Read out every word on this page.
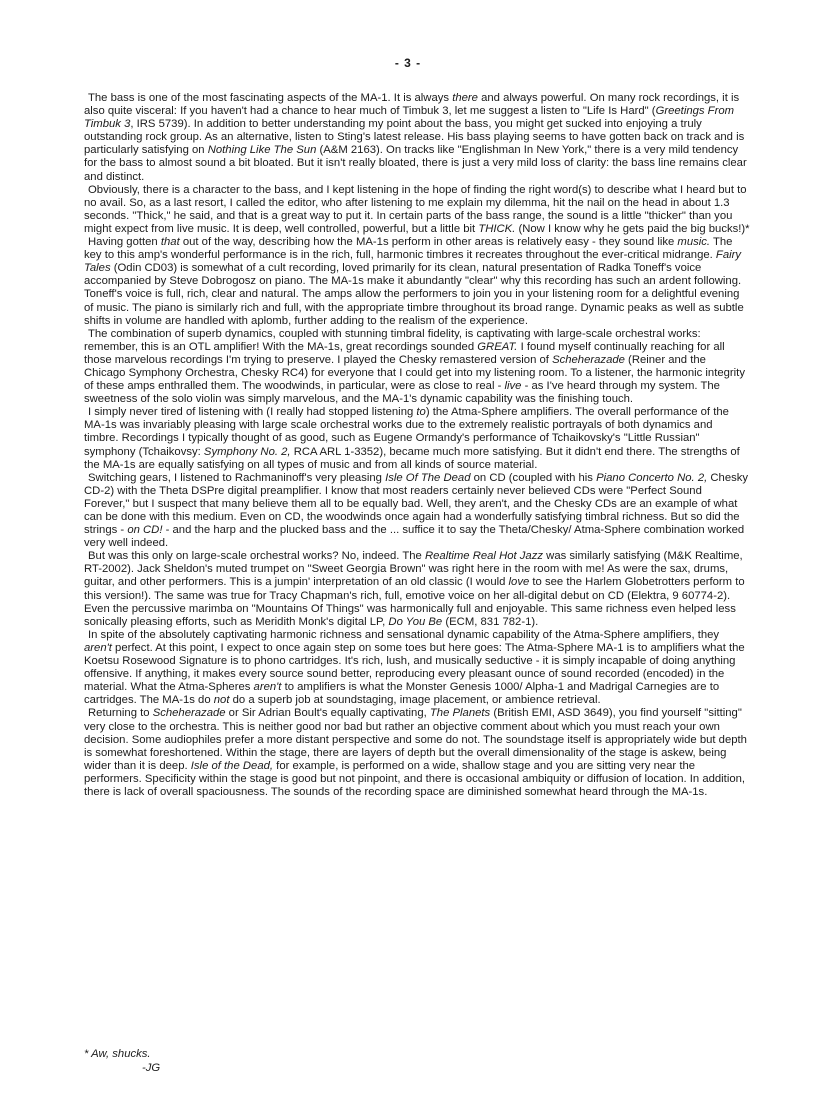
- 3 -

The bass is one of the most fascinating aspects of the MA-1. It is always there and always powerful. On many rock recordings, it is also quite visceral: If you haven't had a chance to hear much of Timbuk 3, let me suggest a listen to "Life Is Hard" (Greetings From Timbuk 3, IRS 5739). In addition to better understanding my point about the bass, you might get sucked into enjoying a truly outstanding rock group. As an alternative, listen to Sting's latest release. His bass playing seems to have gotten back on track and is particularly satisfying on Nothing Like The Sun (A&M 2163). On tracks like "Englishman In New York," there is a very mild tendency for the bass to almost sound a bit bloated. But it isn't really bloated, there is just a very mild loss of clarity: the bass line remains clear and distinct.

Obviously, there is a character to the bass, and I kept listening in the hope of finding the right word(s) to describe what I heard but to no avail. So, as a last resort, I called the editor, who after listening to me explain my dilemma, hit the nail on the head in about 1.3 seconds. "Thick," he said, and that is a great way to put it. In certain parts of the bass range, the sound is a little "thicker" than you might expect from live music. It is deep, well controlled, powerful, but a little bit THICK. (Now I know why he gets paid the big bucks!)*

Having gotten that out of the way, describing how the MA-1s perform in other areas is relatively easy - they sound like music. The key to this amp's wonderful performance is in the rich, full, harmonic timbres it recreates throughout the ever-critical midrange. Fairy Tales (Odin CD03) is somewhat of a cult recording, loved primarily for its clean, natural presentation of Radka Toneff's voice accompanied by Steve Dobrogosz on piano. The MA-1s make it abundantly "clear" why this recording has such an ardent following. Toneff's voice is full, rich, clear and natural. The amps allow the performers to join you in your listening room for a delightful evening of music. The piano is similarly rich and full, with the appropriate timbre throughout its broad range. Dynamic peaks as well as subtle shifts in volume are handled with aplomb, further adding to the realism of the experience.

The combination of superb dynamics, coupled with stunning timbral fidelity, is captivating with large-scale orchestral works: remember, this is an OTL amplifier! With the MA-1s, great recordings sounded GREAT. I found myself continually reaching for all those marvelous recordings I'm trying to preserve. I played the Chesky remastered version of Scheherazade (Reiner and the Chicago Symphony Orchestra, Chesky RC4) for everyone that I could get into my listening room. To a listener, the harmonic integrity of these amps enthralled them. The woodwinds, in particular, were as close to real - live - as I've heard through my system. The sweetness of the solo violin was simply marvelous, and the MA-1's dynamic capability was the finishing touch.

I simply never tired of listening with (I really had stopped listening to) the Atma-Sphere amplifiers. The overall performance of the MA-1s was invariably pleasing with large scale orchestral works due to the extremely realistic portrayals of both dynamics and timbre. Recordings I typically thought of as good, such as Eugene Ormandy's performance of Tchaikovsky's "Little Russian" symphony (Tchaikovsy: Symphony No. 2, RCA ARL 1-3352), became much more satisfying. But it didn't end there. The strengths of the MA-1s are equally satisfying on all types of music and from all kinds of source material.

Switching gears, I listened to Rachmaninoff's very pleasing Isle Of The Dead on CD (coupled with his Piano Concerto No. 2, Chesky CD-2) with the Theta DSPre digital preamplifier. I know that most readers certainly never believed CDs were "Perfect Sound Forever," but I suspect that many believe them all to be equally bad. Well, they aren't, and the Chesky CDs are an example of what can be done with this medium. Even on CD, the woodwinds once again had a wonderfully satisfying timbral richness. But so did the strings - on CD! - and the harp and the plucked bass and the ... suffice it to say the Theta/Chesky/ Atma-Sphere combination worked very well indeed.

But was this only on large-scale orchestral works? No, indeed. The Realtime Real Hot Jazz was similarly satisfying (M&K Realtime, RT-2002). Jack Sheldon's muted trumpet on "Sweet Georgia Brown" was right here in the room with me! As were the sax, drums, guitar, and other performers. This is a jumpin' interpretation of an old classic (I would love to see the Harlem Globetrotters perform to this version!). The same was true for Tracy Chapman's rich, full, emotive voice on her all-digital debut on CD (Elektra, 9 60774-2). Even the percussive marimba on "Mountains Of Things" was harmonically full and enjoyable. This same richness even helped less sonically pleasing efforts, such as Meridith Monk's digital LP, Do You Be (ECM, 831 782-1).

In spite of the absolutely captivating harmonic richness and sensational dynamic capability of the Atma-Sphere amplifiers, they aren't perfect. At this point, I expect to once again step on some toes but here goes: The Atma-Sphere MA-1 is to amplifiers what the Koetsu Rosewood Signature is to phono cartridges. It's rich, lush, and musically seductive - it is simply incapable of doing anything offensive. If anything, it makes every source sound better, reproducing every pleasant ounce of sound recorded (encoded) in the material. What the Atma-Spheres aren't to amplifiers is what the Monster Genesis 1000/ Alpha-1 and Madrigal Carnegies are to cartridges. The MA-1s do not do a superb job at soundstaging, image placement, or ambience retrieval.

Returning to Scheherazade or Sir Adrian Boult's equally captivating, The Planets (British EMI, ASD 3649), you find yourself "sitting" very close to the orchestra. This is neither good nor bad but rather an objective comment about which you must reach your own decision. Some audiophiles prefer a more distant perspective and some do not. The soundstage itself is appropriately wide but depth is somewhat foreshortened. Within the stage, there are layers of depth but the overall dimensionality of the stage is askew, being wider than it is deep. Isle of the Dead, for example, is performed on a wide, shallow stage and you are sitting very near the performers. Specificity within the stage is good but not pinpoint, and there is occasional ambiquity or diffusion of location. In addition, there is lack of overall spaciousness. The sounds of the recording space are diminished somewhat heard through the MA-1s.

* Aw, shucks.
-JG
